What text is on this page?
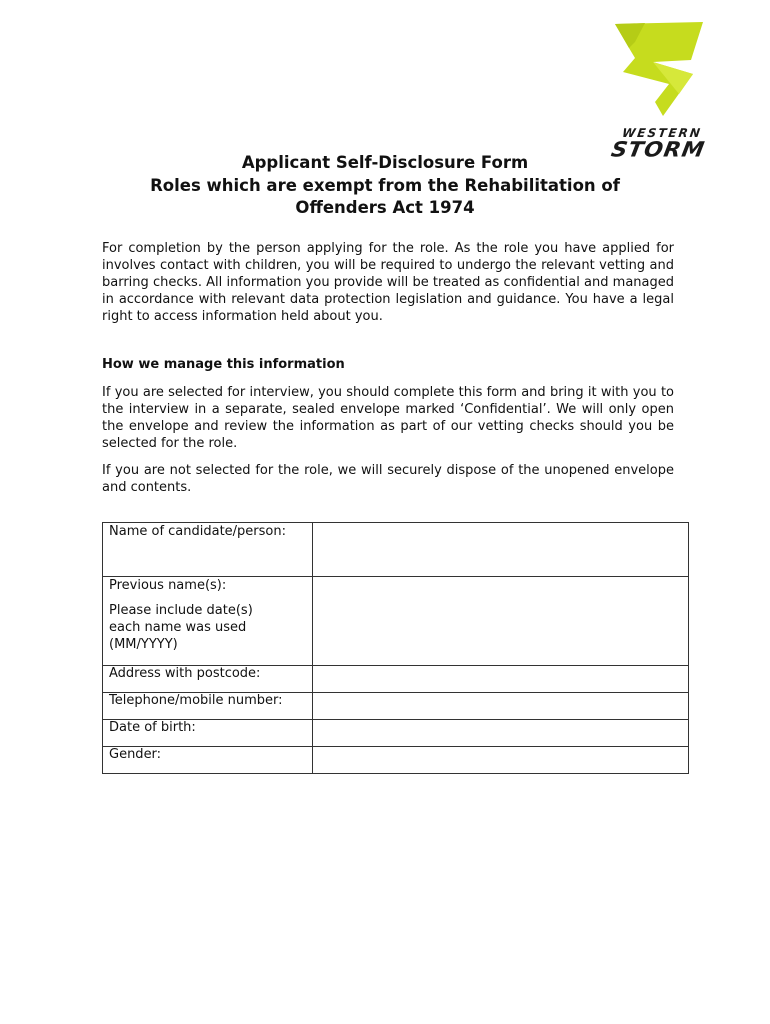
WESTERN
STORM
Applicant Self-Disclosure Form
Roles which are exempt from the Rehabilitation of
Offenders Act 1974
For completion by the person applying for the role. As the role you have applied for involves contact with children, you will be required to undergo the relevant vetting and barring checks. All information you provide will be treated as confidential and managed in accordance with relevant data protection legislation and guidance. You have a legal right to access information held about you.
How we manage this information
If you are selected for interview, you should complete this form and bring it with you to the interview in a separate, sealed envelope marked ‘Confidential’. We will only open the envelope and review the information as part of our vetting checks should you be selected for the role.
If you are not selected for the role, we will securely dispose of the unopened envelope and contents.
Name of candidate/person:	

Previous name(s):
Please include date(s)
each name was used
(MM/YYYY)	

Address with postcode:	
Telephone/mobile number:	
Date of birth:	
Gender:	
